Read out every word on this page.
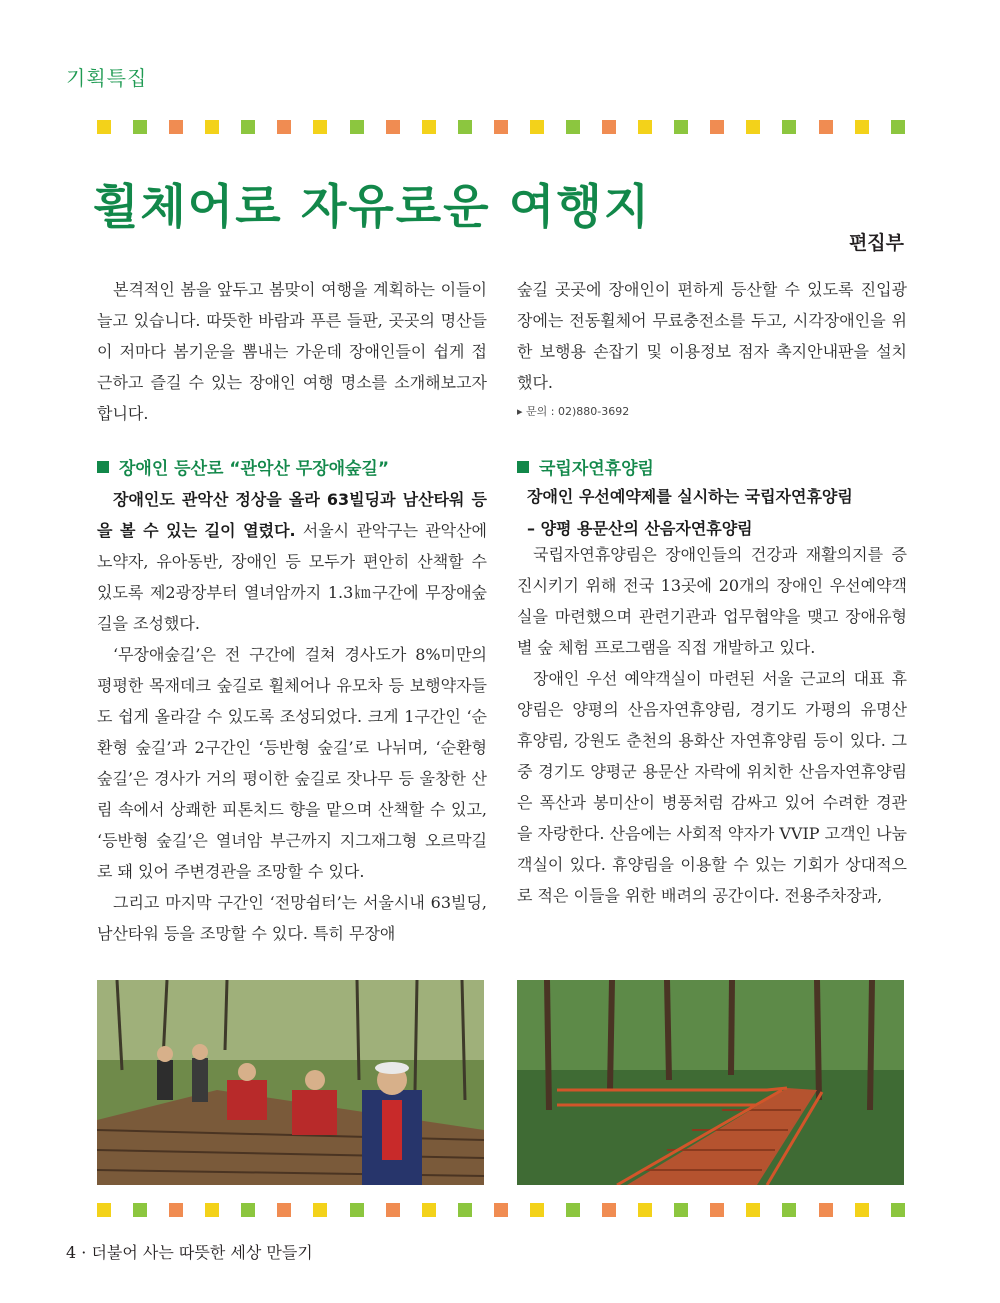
기획특집
휠체어로 자유로운 여행지
편집부

본격적인 봄을 앞두고 봄맞이 여행을 계획하는 이들이 늘고 있습니다. 따뜻한 바람과 푸른 들판, 곳곳의 명산들이 저마다 봄기운을 뽐내는 가운데 장애인들이 쉽게 접근하고 즐길 수 있는 장애인 여행 명소를 소개해보고자 합니다.

숲길 곳곳에 장애인이 편하게 등산할 수 있도록 진입광장에는 전동휠체어 무료충전소를 두고, 시각장애인을 위한 보행용 손잡기 및 이용정보 점자 촉지안내판을 설치했다.

▸ 문의 : 02)880-3692
장애인 등산로 “관악산 무장애숲길”

장애인도 관악산 정상을 올라 63빌딩과 남산타워 등을 볼 수 있는 길이 열렸다. 서울시 관악구는 관악산에 노약자, 유아동반, 장애인 등 모두가 편안히 산책할 수 있도록 제2광장부터 열녀암까지 1.3㎞구간에 무장애숲길을 조성했다.

‘무장애숲길’은 전 구간에 걸쳐 경사도가 8%미만의 평평한 목재데크 숲길로 휠체어나 유모차 등 보행약자들도 쉽게 올라갈 수 있도록 조성되었다. 크게 1구간인 ‘순환형 숲길’과 2구간인 ‘등반형 숲길’로 나뉘며, ‘순환형 숲길’은 경사가 거의 평이한 숲길로 잣나무 등 울창한 산림 속에서 상쾌한 피톤치드 향을 맡으며 산책할 수 있고, ‘등반형 숲길’은 열녀암 부근까지 지그재그형 오르막길로 돼 있어 주변경관을 조망할 수 있다.

그리고 마지막 구간인 ‘전망쉼터’는 서울시내 63빌딩, 남산타워 등을 조망할 수 있다. 특히 무장애

국립자연휴양림
장애인 우선예약제를 실시하는 국립자연휴양림
– 양평 용문산의 산음자연휴양림

국립자연휴양림은 장애인들의 건강과 재활의지를 증진시키기 위해 전국 13곳에 20개의 장애인 우선예약객실을 마련했으며 관련기관과 업무협약을 맺고 장애유형별 숲 체험 프로그램을 직접 개발하고 있다.

장애인 우선 예약객실이 마련된 서울 근교의 대표 휴양림은 양평의 산음자연휴양림, 경기도 가평의 유명산 휴양림, 강원도 춘천의 용화산 자연휴양림 등이 있다. 그중 경기도 양평군 용문산 자락에 위치한 산음자연휴양림은 폭산과 봉미산이 병풍처럼 감싸고 있어 수려한 경관을 자랑한다. 산음에는 사회적 약자가 VVIP 고객인 나눔 객실이 있다. 휴양림을 이용할 수 있는 기회가 상대적으로 적은 이들을 위한 배려의 공간이다. 전용주차장과,

4 · 더불어 사는 따뜻한 세상 만들기
